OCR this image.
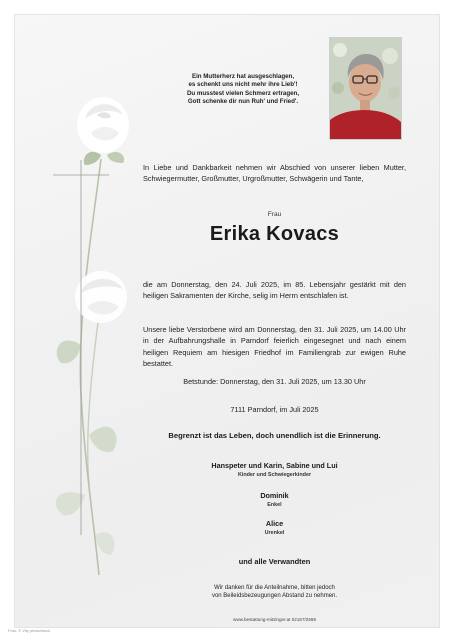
Ein Mutterherz hat ausgeschlagen,
es schenkt uns nicht mehr ihre Lieb'!
Du musstest vielen Schmerz ertragen,
Gott schenke dir nun Ruh' und Fried'.
In Liebe und Dankbarkeit nehmen wir Abschied von unserer lieben Mutter, Schwiegermutter, Großmutter, Urgroßmutter, Schwägerin und Tante,
Frau
Erika Kovacs
die am Donnerstag, den 24. Juli 2025, im 85. Lebensjahr gestärkt mit den heiligen Sakramenten der Kirche, selig im Herrn entschlafen ist.
Unsere liebe Verstorbene wird am Donnerstag, den 31. Juli 2025, um 14.00 Uhr in der Aufbahrungshalle in Parndorf feierlich eingesegnet und nach einem heiligen Requiem am hiesigen Friedhof im Familiengrab zur ewigen Ruhe bestattet.
Betstunde: Donnerstag, den 31. Juli 2025, um 13.30 Uhr
7111 Parndorf, im Juli 2025
Begrenzt ist das Leben, doch unendlich ist die Erinnerung.
Hanspeter und Karin, Sabine und Lui
Kinder und Schwiegerkinder
Dominik
Enkel
Alice
Urenkel
und alle Verwandten
Wir danken für die Anteilnahme, bitten jedoch
von Beileidsbezeugungen Abstand zu nehmen.
www.bestattung-mitzinger.at 02167/2595
Foto: © Vily photo/stock
